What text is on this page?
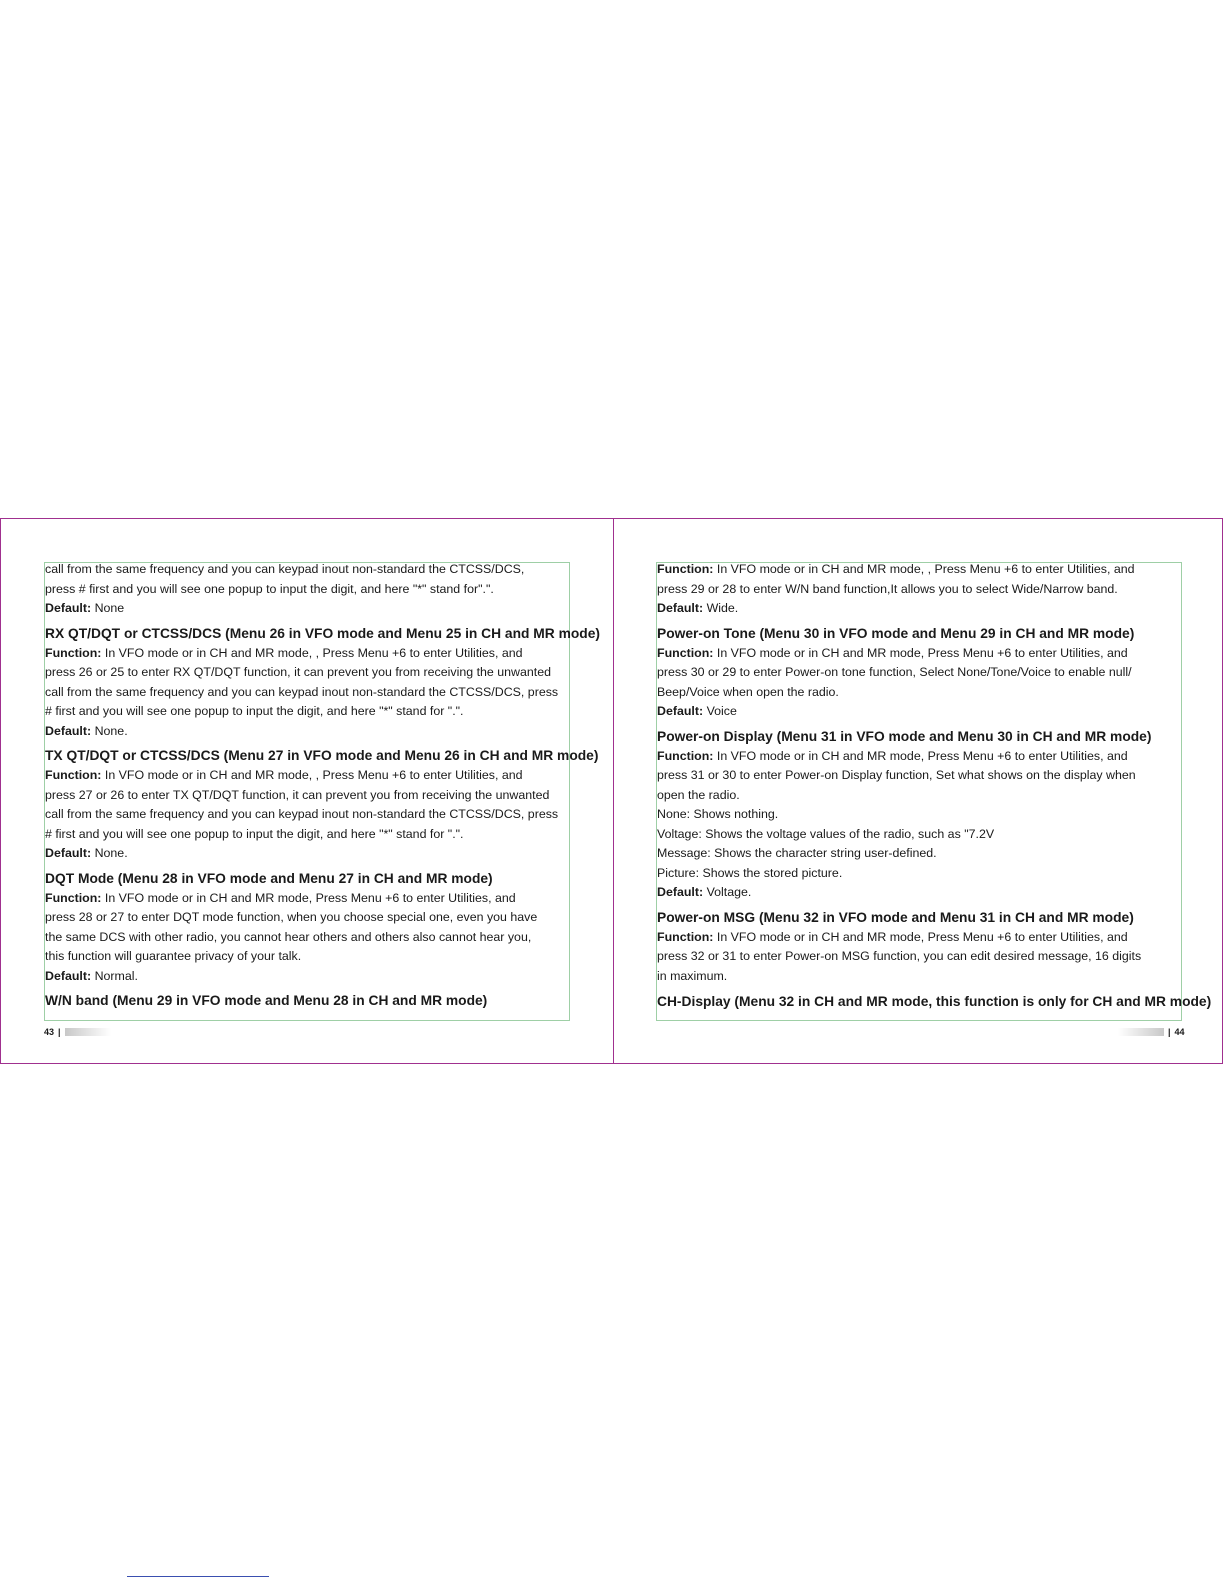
call from the same frequency and you can keypad inout non-standard the CTCSS/DCS,

press # first and you will see one popup to input the digit, and here "*" stand for".".

Default: None

RX QT/DQT or CTCSS/DCS (Menu 26 in VFO mode and Menu 25 in CH and MR mode)

Function: In VFO mode or in CH and MR mode, , Press Menu +6 to enter Utilities, and

press 26 or 25 to enter RX QT/DQT function, it can prevent you from receiving the unwanted

call from the same frequency and you can keypad inout non-standard the CTCSS/DCS, press

# first and you will see one popup to input the digit, and here "*" stand for ".".

Default: None.

TX QT/DQT or CTCSS/DCS (Menu 27 in VFO mode and Menu 26 in CH and MR mode)

Function: In VFO mode or in CH and MR mode, , Press Menu +6 to enter Utilities, and

press 27 or 26 to enter TX QT/DQT function, it can prevent you from receiving the unwanted

call from the same frequency and you can keypad inout non-standard the CTCSS/DCS, press

# first and you will see one popup to input the digit, and here "*" stand for ".".

Default: None.

DQT Mode (Menu 28 in VFO mode and Menu 27 in CH and MR mode)

Function: In VFO mode or in CH and MR mode, Press Menu +6 to enter Utilities, and

press 28 or 27 to enter DQT mode function, when you choose special one, even you have

the same DCS with other radio, you cannot hear others and others also cannot hear you,

this function will guarantee privacy of your talk.

Default: Normal.

W/N band (Menu 29 in VFO mode and Menu 28 in CH and MR mode)
43 |

Function: In VFO mode or in CH and MR mode, , Press Menu +6 to enter Utilities, and

press 29 or 28 to enter W/N band function,It allows you to select Wide/Narrow band.

Default: Wide.

Power-on Tone (Menu 30 in VFO mode and Menu 29 in CH and MR mode)

Function: In VFO mode or in CH and MR mode, Press Menu +6 to enter Utilities, and

press 30 or 29 to enter Power-on tone function, Select None/Tone/Voice to enable null/

Beep/Voice when open the radio.

Default: Voice

Power-on Display (Menu 31 in VFO mode and Menu 30 in CH and MR mode)

Function: In VFO mode or in CH and MR mode, Press Menu +6 to enter Utilities, and

press 31 or 30 to enter Power-on Display function, Set what shows on the display when

open the radio.

None: Shows nothing.

Voltage: Shows the voltage values of the radio, such as "7.2V

Message: Shows the character string user-defined.

Picture: Shows the stored picture.

Default: Voltage.

Power-on MSG (Menu 32 in VFO mode and Menu 31 in CH and MR mode)

Function: In VFO mode or in CH and MR mode, Press Menu +6 to enter Utilities, and

press 32 or 31 to enter Power-on MSG function, you can edit desired message, 16 digits

in maximum.

CH-Display (Menu 32 in CH and MR mode, this function is only for CH and MR mode)
| 44
